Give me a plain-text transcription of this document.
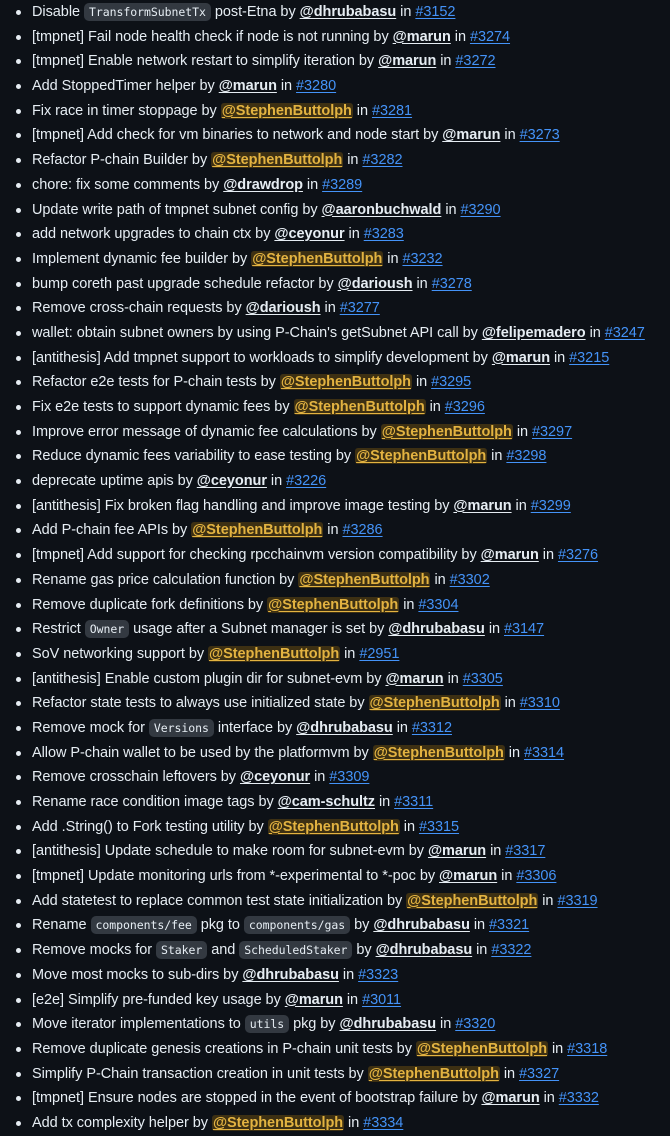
Disable TransformSubnetTx post-Etna by @dhrubabasu in #3152
[tmpnet] Fail node health check if node is not running by @marun in #3274
[tmpnet] Enable network restart to simplify iteration by @marun in #3272
Add StoppedTimer helper by @marun in #3280
Fix race in timer stoppage by @StephenButtolph in #3281
[tmpnet] Add check for vm binaries to network and node start by @marun in #3273
Refactor P-chain Builder by @StephenButtolph in #3282
chore: fix some comments by @drawdrop in #3289
Update write path of tmpnet subnet config by @aaronbuchwald in #3290
add network upgrades to chain ctx by @ceyonur in #3283
Implement dynamic fee builder by @StephenButtolph in #3232
bump coreth past upgrade schedule refactor by @darioush in #3278
Remove cross-chain requests by @darioush in #3277
wallet: obtain subnet owners by using P-Chain's getSubnet API call by @felipemadero in #3247
[antithesis] Add tmpnet support to workloads to simplify development by @marun in #3215
Refactor e2e tests for P-chain tests by @StephenButtolph in #3295
Fix e2e tests to support dynamic fees by @StephenButtolph in #3296
Improve error message of dynamic fee calculations by @StephenButtolph in #3297
Reduce dynamic fees variability to ease testing by @StephenButtolph in #3298
deprecate uptime apis by @ceyonur in #3226
[antithesis] Fix broken flag handling and improve image testing by @marun in #3299
Add P-chain fee APIs by @StephenButtolph in #3286
[tmpnet] Add support for checking rpcchainvm version compatibility by @marun in #3276
Rename gas price calculation function by @StephenButtolph in #3302
Remove duplicate fork definitions by @StephenButtolph in #3304
Restrict Owner usage after a Subnet manager is set by @dhrubabasu in #3147
SoV networking support by @StephenButtolph in #2951
[antithesis] Enable custom plugin dir for subnet-evm by @marun in #3305
Refactor state tests to always use initialized state by @StephenButtolph in #3310
Remove mock for Versions interface by @dhrubabasu in #3312
Allow P-chain wallet to be used by the platformvm by @StephenButtolph in #3314
Remove crosschain leftovers by @ceyonur in #3309
Rename race condition image tags by @cam-schultz in #3311
Add .String() to Fork testing utility by @StephenButtolph in #3315
[antithesis] Update schedule to make room for subnet-evm by @marun in #3317
[tmpnet] Update monitoring urls from *-experimental to *-poc by @marun in #3306
Add statetest to replace common test state initialization by @StephenButtolph in #3319
Rename components/fee pkg to components/gas by @dhrubabasu in #3321
Remove mocks for Staker and ScheduledStaker by @dhrubabasu in #3322
Move most mocks to sub-dirs by @dhrubabasu in #3323
[e2e] Simplify pre-funded key usage by @marun in #3011
Move iterator implementations to utils pkg by @dhrubabasu in #3320
Remove duplicate genesis creations in P-chain unit tests by @StephenButtolph in #3318
Simplify P-Chain transaction creation in unit tests by @StephenButtolph in #3327
[tmpnet] Ensure nodes are stopped in the event of bootstrap failure by @marun in #3332
Add tx complexity helper by @StephenButtolph in #3334
